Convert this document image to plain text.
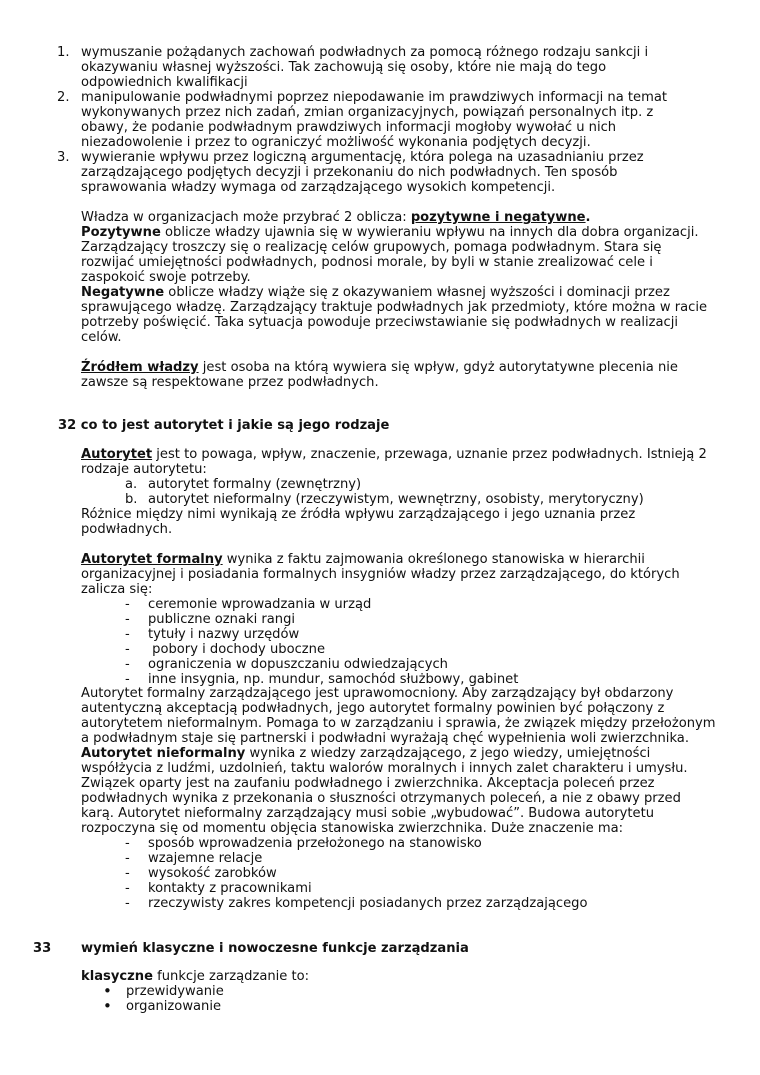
1. wymuszanie pożądanych zachowań podwładnych za pomocą różnego rodzaju sankcji i
okazywaniu własnej wyższości. Tak zachowują się osoby, które nie mają do tego
odpowiednich kwalifikacji
2. manipulowanie podwładnymi poprzez niepodawanie im prawdziwych informacji na temat
wykonywanych przez nich zadań, zmian organizacyjnych, powiązań personalnych itp. z
obawy, że podanie podwładnym prawdziwych informacji mogłoby wywołać u nich
niezadowolenie i przez to ograniczyć możliwość wykonania podjętych decyzji.
3. wywieranie wpływu przez logiczną argumentację, która polega na uzasadnianiu przez
zarządzającego podjętych decyzji i przekonaniu do nich podwładnych. Ten sposób
sprawowania władzy wymaga od zarządzającego wysokich kompetencji.
Władza w organizacjach może przybrać 2 oblicza: pozytywne i negatywne.
Pozytywne oblicze władzy ujawnia się w wywieraniu wpływu na innych dla dobra organizacji.
Zarządzający troszczy się o realizację celów grupowych, pomaga podwładnym. Stara się
rozwijać umiejętności podwładnych, podnosi morale, by byli w stanie zrealizować cele i
zaspokoić swoje potrzeby.
Negatywne oblicze władzy wiąże się z okazywaniem własnej wyższości i dominacji przez
sprawującego władzę. Zarządzający traktuje podwładnych jak przedmioty, które można w racie
potrzeby poświęcić. Taka sytuacja powoduje przeciwstawianie się podwładnych w realizacji
celów.
Źródłem władzy jest osoba na którą wywiera się wpływ, gdyż autorytatywne plecenia nie
zawsze są respektowane przez podwładnych.
32 co to jest autorytet i jakie są jego rodzaje
Autorytet jest to powaga, wpływ, znaczenie, przewaga, uznanie przez podwładnych. Istnieją 2
rodzaje autorytetu:
a. autorytet formalny (zewnętrzny)
b. autorytet nieformalny (rzeczywistym, wewnętrzny, osobisty, merytoryczny)
Różnice między nimi wynikają ze źródła wpływu zarządzającego i jego uznania przez
podwładnych.
Autorytet formalny wynika z faktu zajmowania określonego stanowiska w hierarchii
organizacyjnej i posiadania formalnych insygniów władzy przez zarządzającego, do których
zalicza się:
- ceremonie wprowadzania w urząd
- publiczne oznaki rangi
- tytuły i nazwy urzędów
- pobory i dochody uboczne
- ograniczenia w dopuszczaniu odwiedzających
- inne insygnia, np. mundur, samochód służbowy, gabinet
Autorytet formalny zarządzającego jest uprawomocniony. Aby zarządzający był obdarzony
autentyczną akceptacją podwładnych, jego autorytet formalny powinien być połączony z
autorytetem nieformalnym. Pomaga to w zarządzaniu i sprawia, że związek między przełożonym
a podwładnym staje się partnerski i podwładni wyrażają chęć wypełnienia woli zwierzchnika.
Autorytet nieformalny wynika z wiedzy zarządzającego, z jego wiedzy, umiejętności
współżycia z ludźmi, uzdolnień, taktu walorów moralnych i innych zalet charakteru i umysłu.
Związek oparty jest na zaufaniu podwładnego i zwierzchnika. Akceptacja poleceń przez
podwładnych wynika z przekonania o słuszności otrzymanych poleceń, a nie z obawy przed
karą. Autorytet nieformalny zarządzający musi sobie „wybudować”. Budowa autorytetu
rozpoczyna się od momentu objęcia stanowiska zwierzchnika. Duże znaczenie ma:
- sposób wprowadzenia przełożonego na stanowisko
- wzajemne relacje
- wysokość zarobków
- kontakty z pracownikami
- rzeczywisty zakres kompetencji posiadanych przez zarządzającego
33 wymień klasyczne i nowoczesne funkcje zarządzania
klasyczne funkcje zarządzanie to:
• przewidywanie
• organizowanie
